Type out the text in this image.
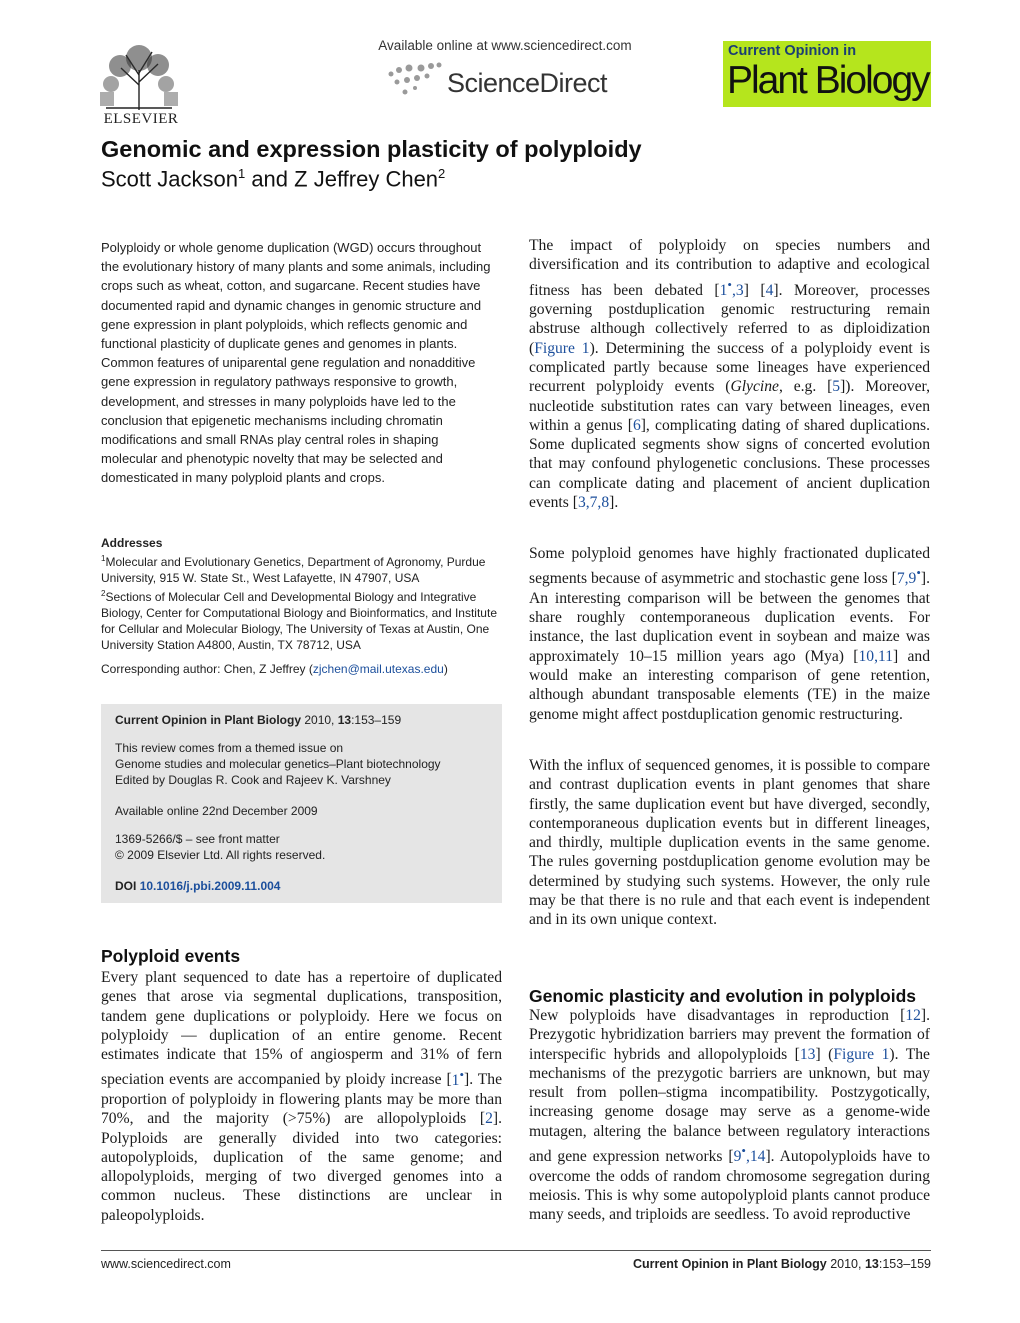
ELSEVIER
Available online at www.sciencedirect.com
ScienceDirect
Current Opinion in
Plant Biology
Genomic and expression plasticity of polyploidy
Scott Jackson$^1$ and Z Jeffrey Chen$^2$
Polyploidy or whole genome duplication (WGD) occurs throughout the evolutionary history of many plants and some animals, including crops such as wheat, cotton, and sugarcane. Recent studies have documented rapid and dynamic changes in genomic structure and gene expression in plant polyploids, which reflects genomic and functional plasticity of duplicate genes and genomes in plants. Common features of uniparental gene regulation and nonadditive gene expression in regulatory pathways responsive to growth, development, and stresses in many polyploids have led to the conclusion that epigenetic mechanisms including chromatin modifications and small RNAs play central roles in shaping molecular and phenotypic novelty that may be selected and domesticated in many polyploid plants and crops.
Addresses
$^1$Molecular and Evolutionary Genetics, Department of Agronomy, Purdue University, 915 W. State St., West Lafayette, IN 47907, USA
$^2$Sections of Molecular Cell and Developmental Biology and Integrative Biology, Center for Computational Biology and Bioinformatics, and Institute for Cellular and Molecular Biology, The University of Texas at Austin, One University Station A4800, Austin, TX 78712, USA
Corresponding author: Chen, Z Jeffrey (zjchen@mail.utexas.edu)
Current Opinion in Plant Biology 2010, 13:153–159
This review comes from a themed issue on
Genome studies and molecular genetics–Plant biotechnology
Edited by Douglas R. Cook and Rajeev K. Varshney
Available online 22nd December 2009
1369-5266/$ – see front matter
© 2009 Elsevier Ltd. All rights reserved.
DOI 10.1016/j.pbi.2009.11.004
Polyploid events
Every plant sequenced to date has a repertoire of duplicated genes that arose via segmental duplications, transposition, tandem gene duplications or polyploidy. Here we focus on polyploidy — duplication of an entire genome. Recent estimates indicate that 15% of angiosperm and 31% of fern speciation events are accompanied by ploidy increase [1•]. The proportion of polyploidy in flowering plants may be more than 70%, and the majority (>75%) are allopolyploids [2]. Polyploids are generally divided into two categories: autopolyploids, duplication of the same genome; and allopolyploids, merging of two diverged genomes into a common nucleus. These distinctions are unclear in paleopolyploids.
The impact of polyploidy on species numbers and diversification and its contribution to adaptive and ecological fitness has been debated [1•,3] [4]. Moreover, processes governing postduplication genomic restructuring remain abstruse although collectively referred to as diploidization (Figure 1). Determining the success of a polyploidy event is complicated partly because some lineages have experienced recurrent polyploidy events (Glycine, e.g. [5]). Moreover, nucleotide substitution rates can vary between lineages, even within a genus [6], complicating dating of shared duplications. Some duplicated segments show signs of concerted evolution that may confound phylogenetic conclusions. These processes can complicate dating and placement of ancient duplication events [3,7,8].
Some polyploid genomes have highly fractionated duplicated segments because of asymmetric and stochastic gene loss [7,9•]. An interesting comparison will be between the genomes that share roughly contemporaneous duplication events. For instance, the last duplication event in soybean and maize was approximately 10–15 million years ago (Mya) [10,11] and would make an interesting comparison of gene retention, although abundant transposable elements (TE) in the maize genome might affect postduplication genomic restructuring.
With the influx of sequenced genomes, it is possible to compare and contrast duplication events in plant genomes that share firstly, the same duplication event but have diverged, secondly, contemporaneous duplication events but in different lineages, and thirdly, multiple duplication events in the same genome. The rules governing postduplication genome evolution may be determined by studying such systems. However, the only rule may be that there is no rule and that each event is independent and in its own unique context.
Genomic plasticity and evolution in polyploids
New polyploids have disadvantages in reproduction [12]. Prezygotic hybridization barriers may prevent the formation of interspecific hybrids and allopolyploids [13] (Figure 1). The mechanisms of the prezygotic barriers are unknown, but may result from pollen–stigma incompatibility. Postzygotically, increasing genome dosage may serve as a genome-wide mutagen, altering the balance between regulatory interactions and gene expression networks [9•,14]. Autopolyploids have to overcome the odds of random chromosome segregation during meiosis. This is why some autopolyploid plants cannot produce many seeds, and triploids are seedless. To avoid reproductive
www.sciencedirect.com	Current Opinion in Plant Biology 2010, 13:153–159
